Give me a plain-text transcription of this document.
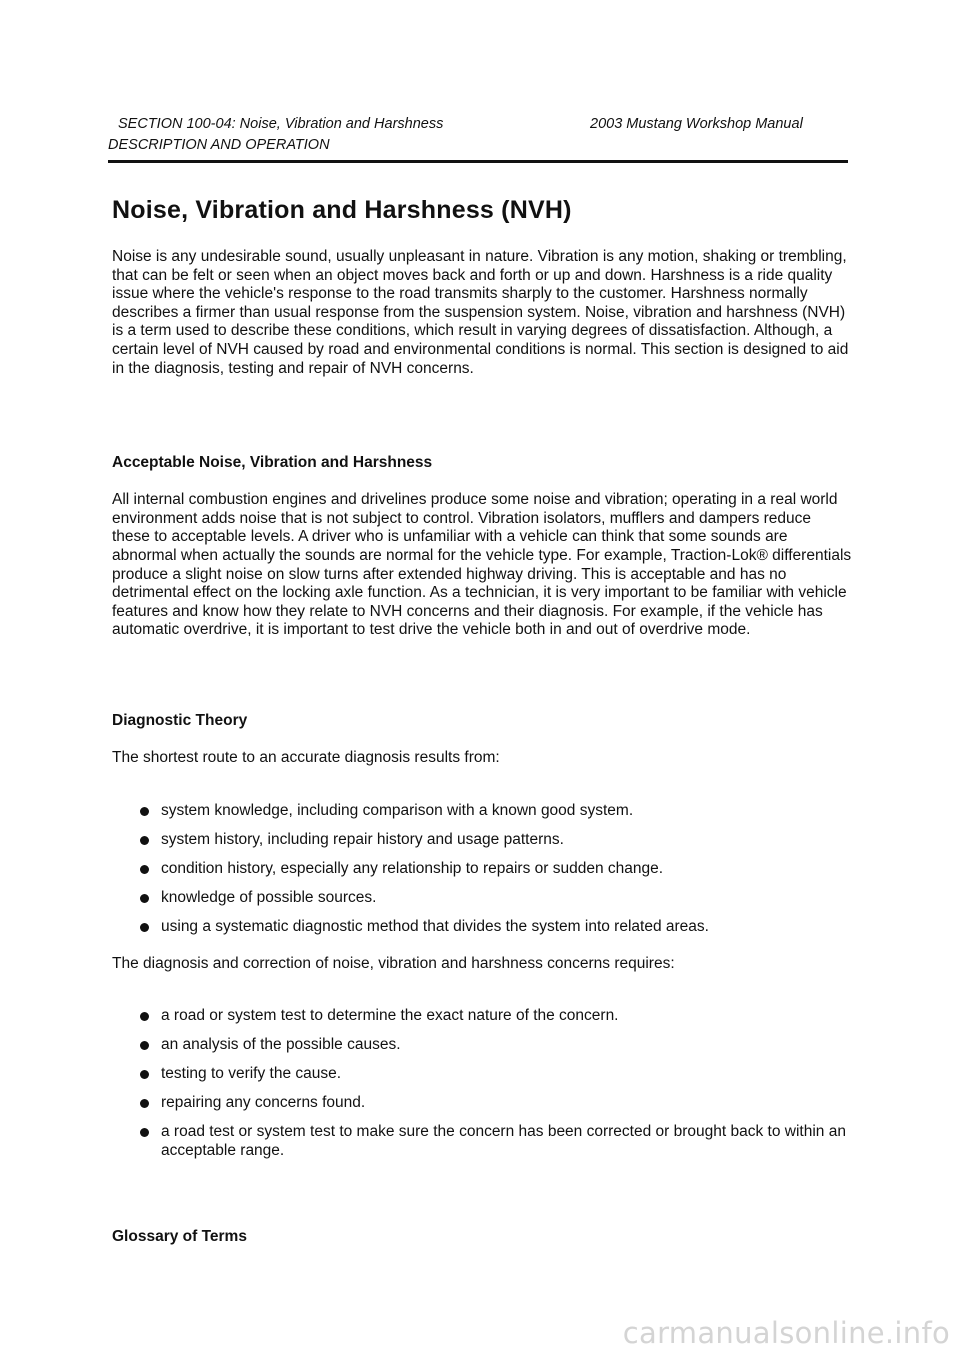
SECTION 100-04: Noise, Vibration and Harshness	2003 Mustang Workshop Manual
DESCRIPTION AND OPERATION
Noise, Vibration and Harshness (NVH)

Noise is any undesirable sound, usually unpleasant in nature. Vibration is any motion, shaking or trembling, that can be felt or seen when an object moves back and forth or up and down. Harshness is a ride quality issue where the vehicle's response to the road transmits sharply to the customer. Harshness normally describes a firmer than usual response from the suspension system. Noise, vibration and harshness (NVH) is a term used to describe these conditions, which result in varying degrees of dissatisfaction. Although, a certain level of NVH caused by road and environmental conditions is normal. This section is designed to aid in the diagnosis, testing and repair of NVH concerns.

Acceptable Noise, Vibration and Harshness

All internal combustion engines and drivelines produce some noise and vibration; operating in a real world environment adds noise that is not subject to control. Vibration isolators, mufflers and dampers reduce these to acceptable levels. A driver who is unfamiliar with a vehicle can think that some sounds are abnormal when actually the sounds are normal for the vehicle type. For example, Traction-Lok® differentials produce a slight noise on slow turns after extended highway driving. This is acceptable and has no detrimental effect on the locking axle function. As a technician, it is very important to be familiar with vehicle features and know how they relate to NVH concerns and their diagnosis. For example, if the vehicle has automatic overdrive, it is important to test drive the vehicle both in and out of overdrive mode.

Diagnostic Theory

The shortest route to an accurate diagnosis results from:

system knowledge, including comparison with a known good system.
system history, including repair history and usage patterns.
condition history, especially any relationship to repairs or sudden change.
knowledge of possible sources.
using a systematic diagnostic method that divides the system into related areas.

The diagnosis and correction of noise, vibration and harshness concerns requires:

a road or system test to determine the exact nature of the concern.
an analysis of the possible causes.
testing to verify the cause.
repairing any concerns found.
a road test or system test to make sure the concern has been corrected or brought back to within an acceptable range.
Glossary of Terms
carmanualsonline.info
